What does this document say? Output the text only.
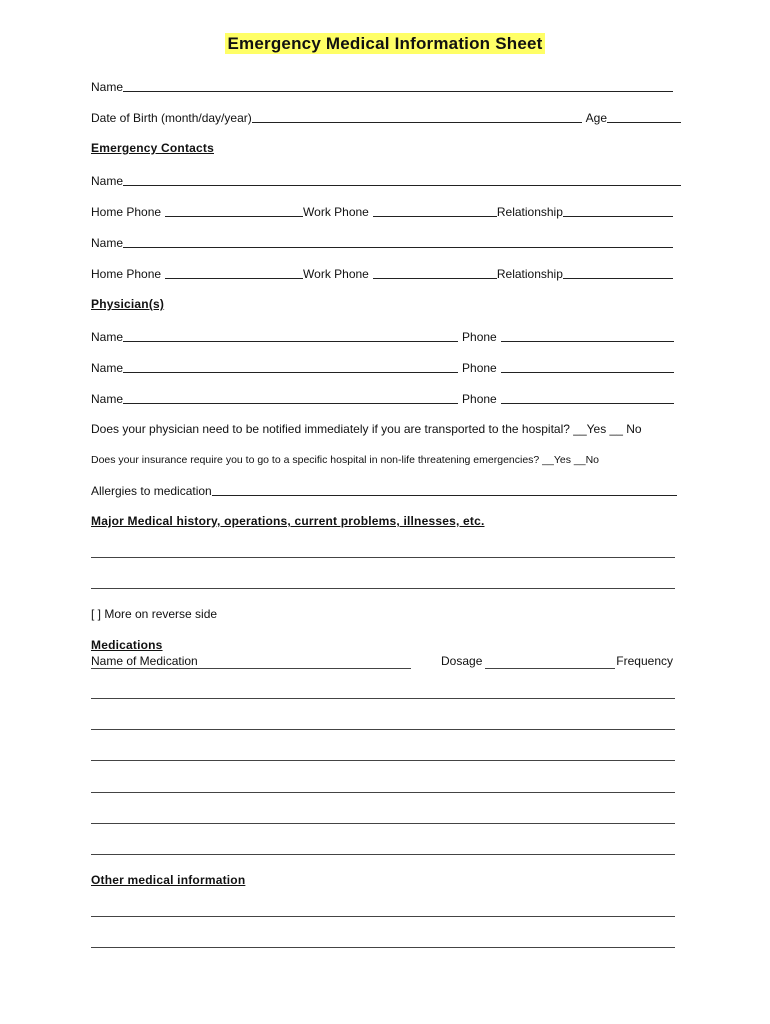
Emergency Medical Information Sheet
Name
Date of Birth (month/day/year)	Age
Emergency Contacts
Name
Home Phone	Work Phone	Relationship
Name
Home Phone	Work Phone	Relationship
Physician(s)
Name	Phone
Name	Phone
Name	Phone
Does your physician need to be notified immediately if you are transported to the hospital? __Yes __ No
Does your insurance require you to go to a specific hospital in non-life threatening emergencies? __Yes __No
Allergies to medication
Major Medical history, operations, current problems, illnesses, etc.
[ ] More on reverse side
Medications
Name of Medication	Dosage	Frequency
Other medical information
